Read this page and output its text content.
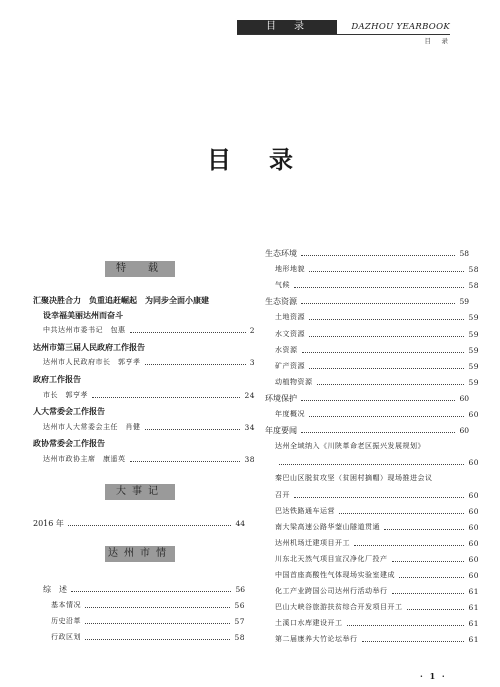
目　录	DAZHOU YEARBOOK
目　录
目录
特　载
汇聚决胜合力　负重追赶崛起　为同步全面小康建
设幸福美丽达州而奋斗
中共达州市委书记　包惠	2
达州市第三届人民政府工作报告
达州市人民政府市长　郭亨孝	3
政府工作报告
市长　郭亨孝	24
人大常委会工作报告
达州市人大常委会主任　肖健	34
政协常委会工作报告
达州市政协主席　康遥英	38
大事记
2016 年	44
达州市情
综　述	56
基本情况	56
历史沿革	57
行政区划	58
生态环境	58
地形地貌	58
气候	58
生态资源	59
土地资源	59
水文资源	59
水资源	59
矿产资源	59
动植物资源	59
环境保护	60
年度概况	60
年度要闻	60
达州全域纳入《川陕革命老区振兴发展规划》
60
秦巴山区脱贫攻坚（贫困村摘帽）现场推进会议
召开	60
巴达铁路通车运营	60
南大梁高速公路华蓥山隧道贯通	60
达州机场迁建项目开工	60
川东北天然气项目宣汉净化厂投产	60
中国首座高酸性气体现场实验室建成	60
化工产业跨国公司达州行活动举行	61
巴山大峡谷旅游扶贫综合开发项目开工	61
土溪口水库建设开工	61
第二届康养大竹论坛举行	61
· 1 ·
